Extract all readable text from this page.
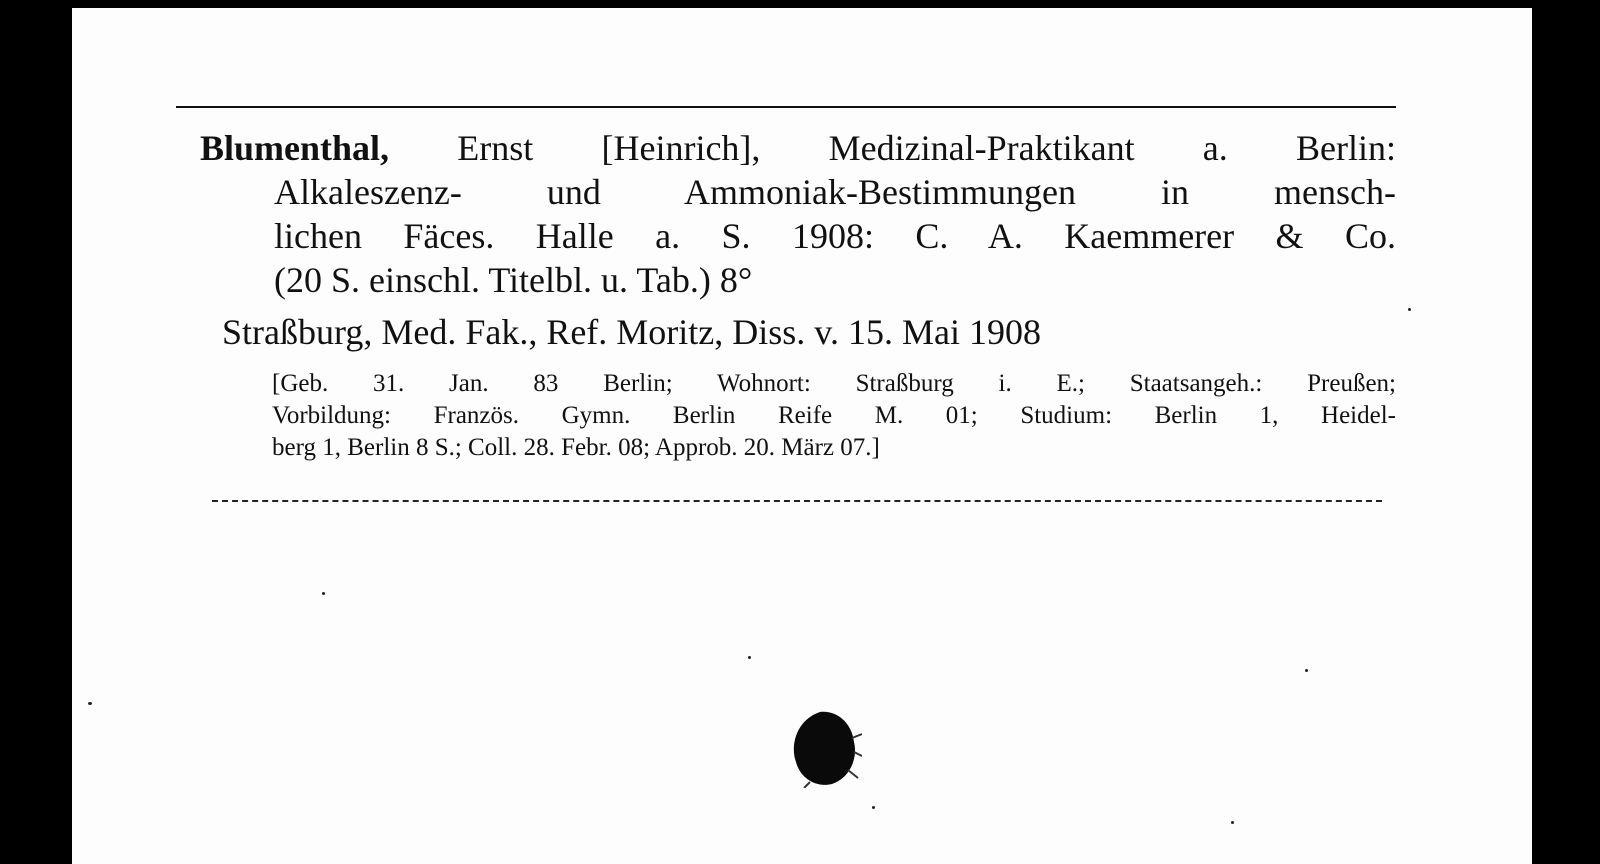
Blumenthal, Ernst [Heinrich], Medizinal-Praktikant a. Berlin:
Alkaleszenz- und Ammoniak-Bestimmungen in mensch-
lichen Fäces. Halle a. S. 1908: C. A. Kaemmerer & Co.
(20 S. einschl. Titelbl. u. Tab.) 8°
Straßburg, Med. Fak., Ref. Moritz, Diss. v. 15. Mai 1908
[Geb. 31. Jan. 83 Berlin; Wohnort: Straßburg i. E.; Staatsangeh.: Preußen;
Vorbildung: Französ. Gymn. Berlin Reife M. 01; Studium: Berlin 1, Heidel-
berg 1, Berlin 8 S.; Coll. 28. Febr. 08; Approb. 20. März 07.]
